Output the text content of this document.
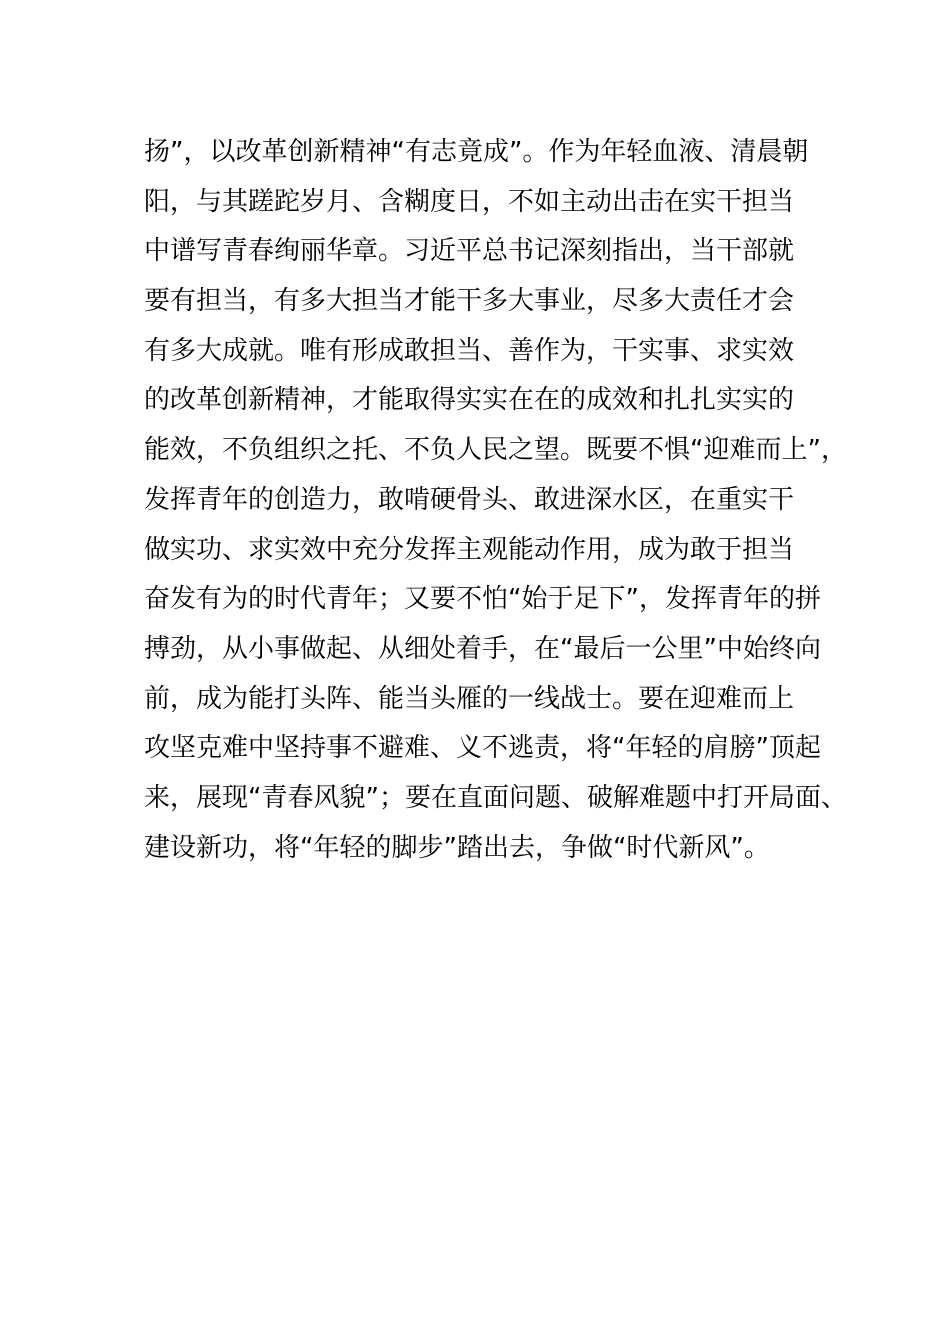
扬”，以改革创新精神“有志竟成”。作为年轻血液、清晨朝
阳，与其蹉跎岁月、含糊度日，不如主动出击在实干担当
中谱写青春绚丽华章。习近平总书记深刻指出，当干部就
要有担当，有多大担当才能干多大事业，尽多大责任才会
有多大成就。唯有形成敢担当、善作为，干实事、求实效
的改革创新精神，才能取得实实在在的成效和扎扎实实的
能效，不负组织之托、不负人民之望。既要不惧“迎难而上”，
发挥青年的创造力，敢啃硬骨头、敢进深水区，在重实干
做实功、求实效中充分发挥主观能动作用，成为敢于担当
奋发有为的时代青年；又要不怕“始于足下”，发挥青年的拼
搏劲，从小事做起、从细处着手，在“最后一公里”中始终向
前，成为能打头阵、能当头雁的一线战士。要在迎难而上
攻坚克难中坚持事不避难、义不逃责，将“年轻的肩膀”顶起
来，展现“青春风貌”；要在直面问题、破解难题中打开局面、
建设新功，将“年轻的脚步”踏出去，争做“时代新风”。
